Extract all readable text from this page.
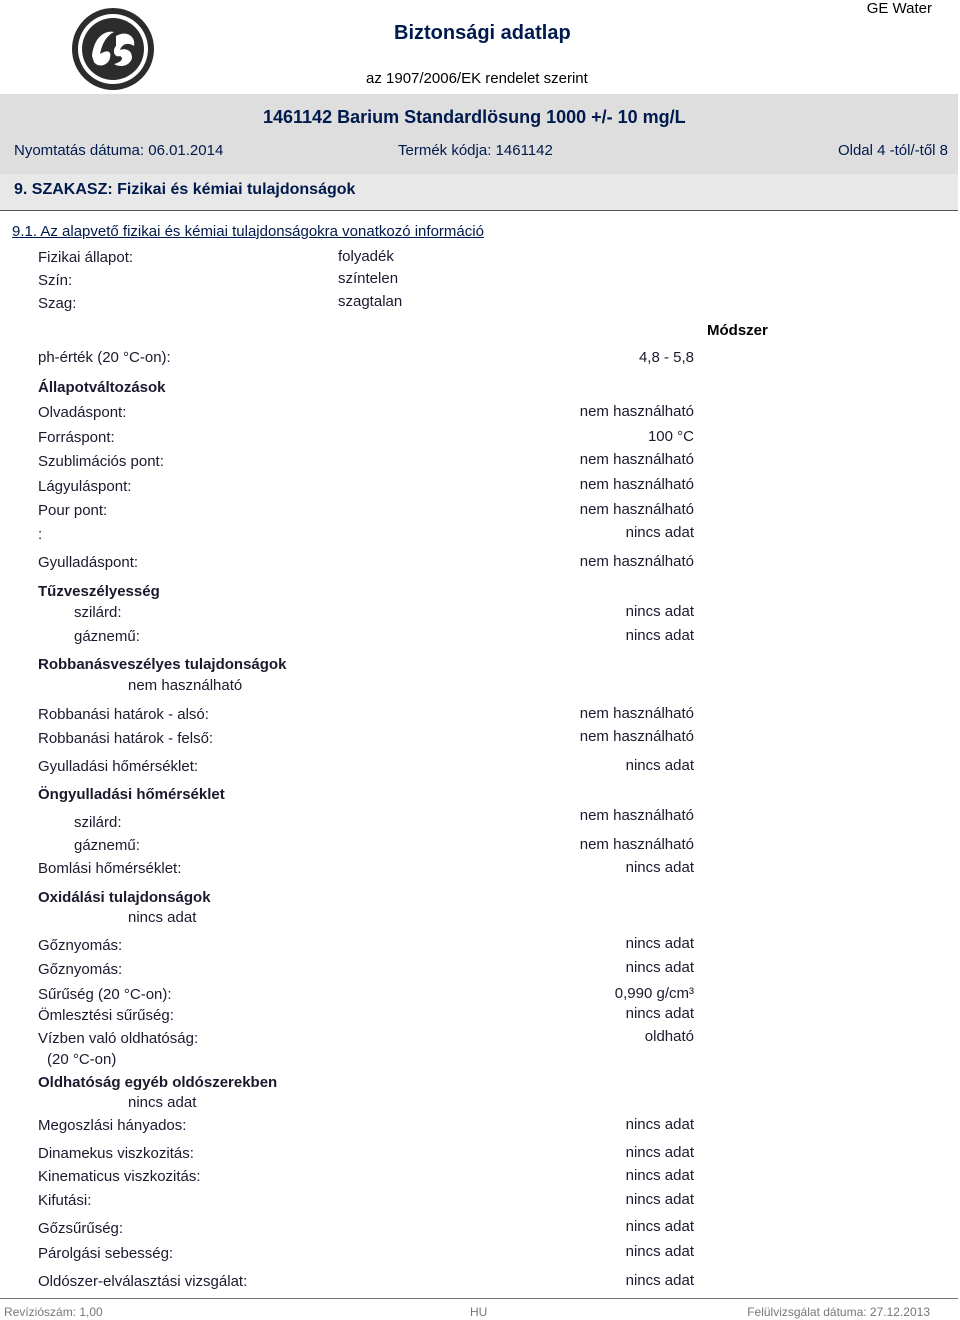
GE Water
Biztonsági adatlap
az 1907/2006/EK rendelet szerint
1461142 Barium Standardlösung 1000 +/- 10 mg/L
Nyomtatás dátuma: 06.01.2014	Termék kódja: 1461142	Oldal 4 -tól/-től 8
9. SZAKASZ: Fizikai és kémiai tulajdonságok
9.1. Az alapvető fizikai és kémiai tulajdonságokra vonatkozó információ
Fizikai állapot:	folyadék
Szín:	színtelen
Szag:	szagtalan
Módszer
ph-érték (20 °C-on):	4,8 - 5,8
Állapotváltozások
Olvadáspont:	nem használható
Forráspont:	100 °C
Szublimációs pont:	nem használható
Lágyuláspont:	nem használható
Pour pont:	nem használható
:	nincs adat
Gyulladáspont:	nem használható
Tűzveszélyesség
szilárd:	nincs adat
gáznemű:	nincs adat
Robbanásveszélyes tulajdonságok
nem használható
Robbanási határok - alsó:	nem használható
Robbanási határok - felső:	nem használható
Gyulladási hőmérséklet:	nincs adat
Öngyulladási hőmérséklet
szilárd:	nem használható
gáznemű:	nem használható
Bomlási hőmérséklet:	nincs adat
Oxidálási tulajdonságok
nincs adat
Gőznyomás:	nincs adat
Gőznyomás:	nincs adat
Sűrűség (20 °C-on):	0,990 g/cm³
Ömlesztési sűrűség:	nincs adat
Vízben való oldhatóság:	oldható
(20 °C-on)
Oldhatóság egyéb oldószerekben
nincs adat
Megoszlási hányados:	nincs adat
Dinamekus viszkozitás:	nincs adat
Kinematicus viszkozitás:	nincs adat
Kifutási:	nincs adat
Gőzsűrűség:	nincs adat
Párolgási sebesség:	nincs adat
Oldószer-elválasztási vizsgálat:	nincs adat
Revíziószám: 1,00	HU	Felülvizsgálat dátuma: 27.12.2013
